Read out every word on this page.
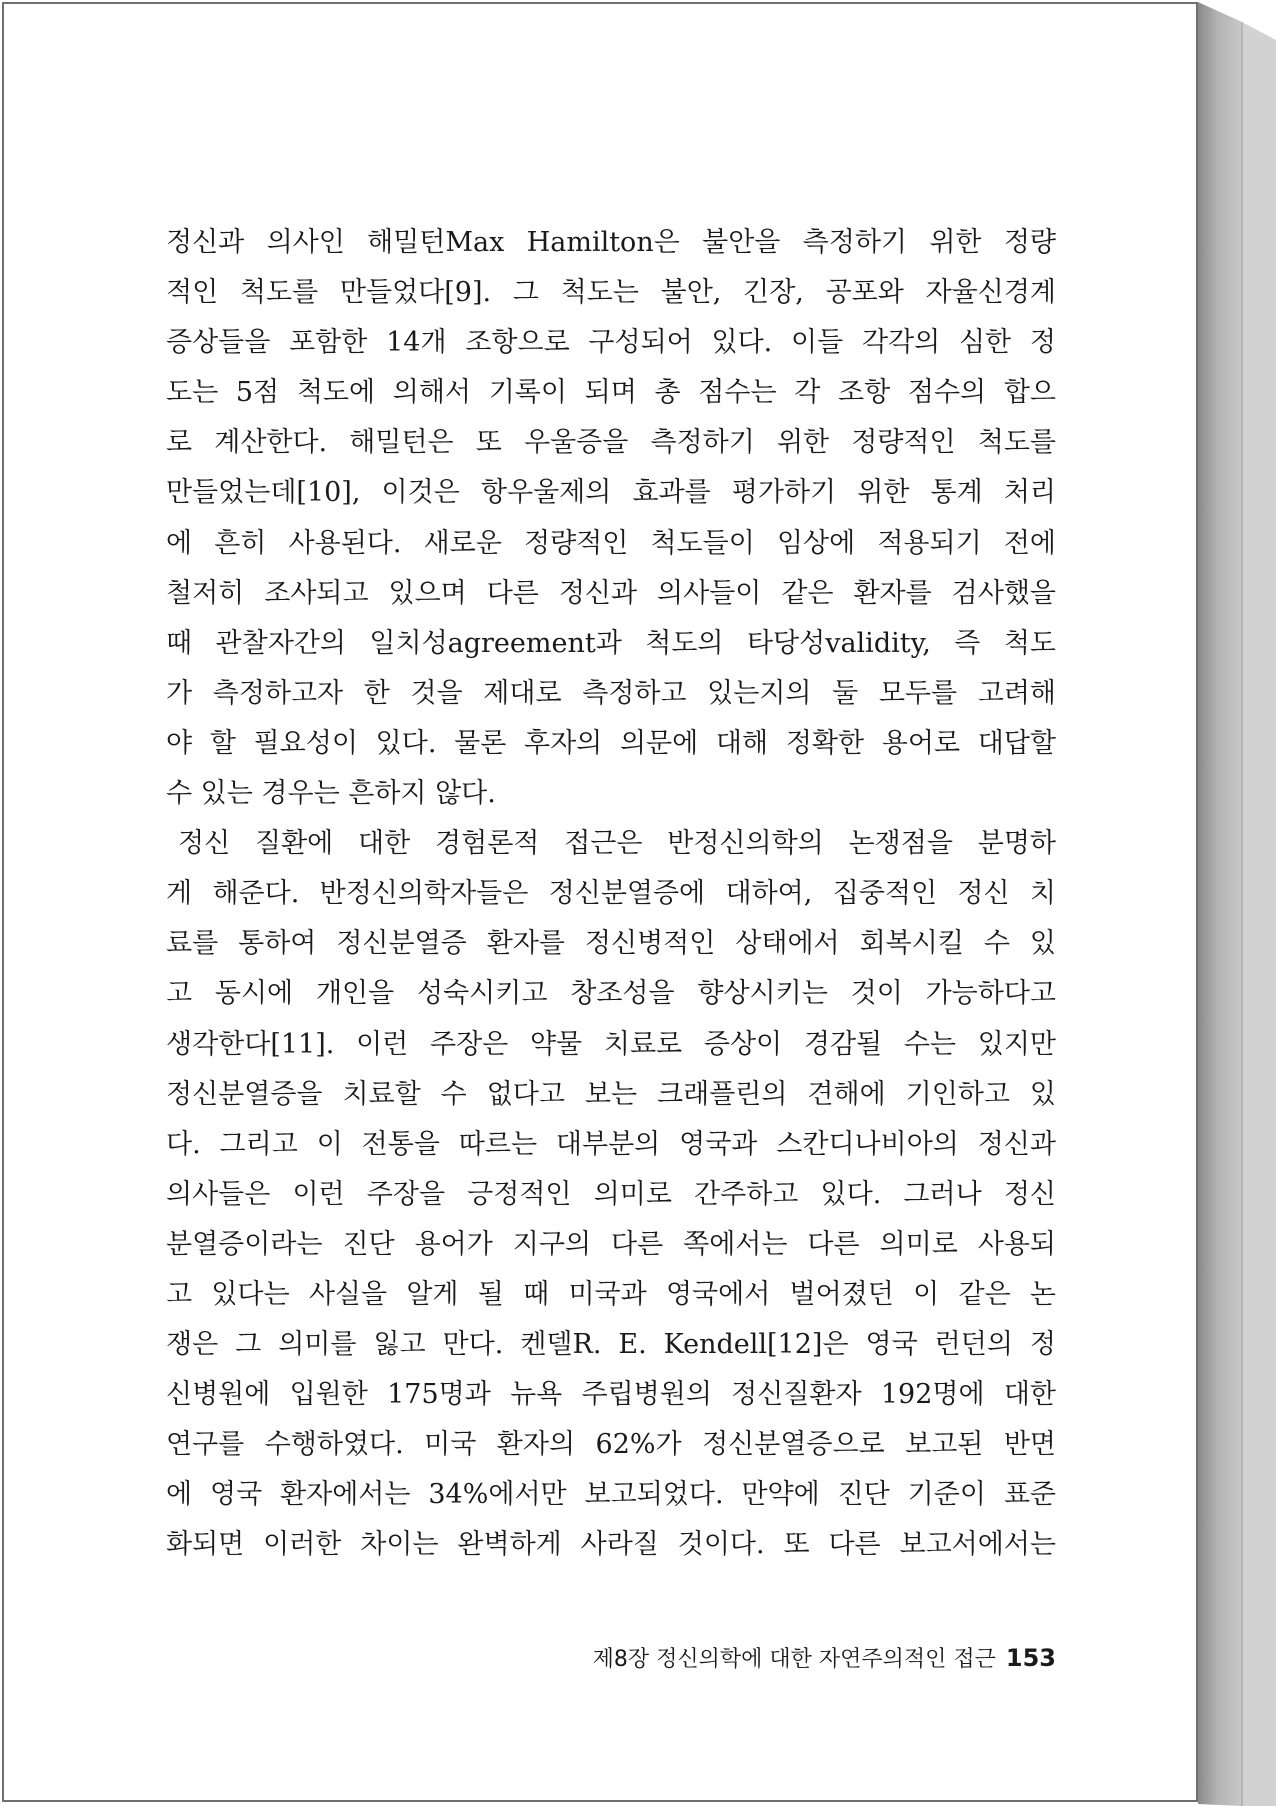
정신과 의사인 해밀턴Max Hamilton은 불안을 측정하기 위한 정량

적인 척도를 만들었다[9]. 그 척도는 불안, 긴장, 공포와 자율신경계

증상들을 포함한 14개 조항으로 구성되어 있다. 이들 각각의 심한 정

도는 5점 척도에 의해서 기록이 되며 총 점수는 각 조항 점수의 합으

로 계산한다. 해밀턴은 또 우울증을 측정하기 위한 정량적인 척도를

만들었는데[10], 이것은 항우울제의 효과를 평가하기 위한 통계 처리

에 흔히 사용된다. 새로운 정량적인 척도들이 임상에 적용되기 전에

철저히 조사되고 있으며 다른 정신과 의사들이 같은 환자를 검사했을

때 관찰자간의 일치성agreement과 척도의 타당성validity, 즉 척도

가 측정하고자 한 것을 제대로 측정하고 있는지의 둘 모두를 고려해

야 할 필요성이 있다. 물론 후자의 의문에 대해 정확한 용어로 대답할

수 있는 경우는 흔하지 않다.

정신 질환에 대한 경험론적 접근은 반정신의학의 논쟁점을 분명하

게 해준다. 반정신의학자들은 정신분열증에 대하여, 집중적인 정신 치

료를 통하여 정신분열증 환자를 정신병적인 상태에서 회복시킬 수 있

고 동시에 개인을 성숙시키고 창조성을 향상시키는 것이 가능하다고

생각한다[11]. 이런 주장은 약물 치료로 증상이 경감될 수는 있지만

정신분열증을 치료할 수 없다고 보는 크래플린의 견해에 기인하고 있

다. 그리고 이 전통을 따르는 대부분의 영국과 스칸디나비아의 정신과

의사들은 이런 주장을 긍정적인 의미로 간주하고 있다. 그러나 정신

분열증이라는 진단 용어가 지구의 다른 쪽에서는 다른 의미로 사용되

고 있다는 사실을 알게 될 때 미국과 영국에서 벌어졌던 이 같은 논

쟁은 그 의미를 잃고 만다. 켄델R. E. Kendell[12]은 영국 런던의 정

신병원에 입원한 175명과 뉴욕 주립병원의 정신질환자 192명에 대한

연구를 수행하였다. 미국 환자의 62%가 정신분열증으로 보고된 반면

에 영국 환자에서는 34%에서만 보고되었다. 만약에 진단 기준이 표준

화되면 이러한 차이는 완벽하게 사라질 것이다. 또 다른 보고서에서는

제8장 정신의학에 대한 자연주의적인 접근 153
